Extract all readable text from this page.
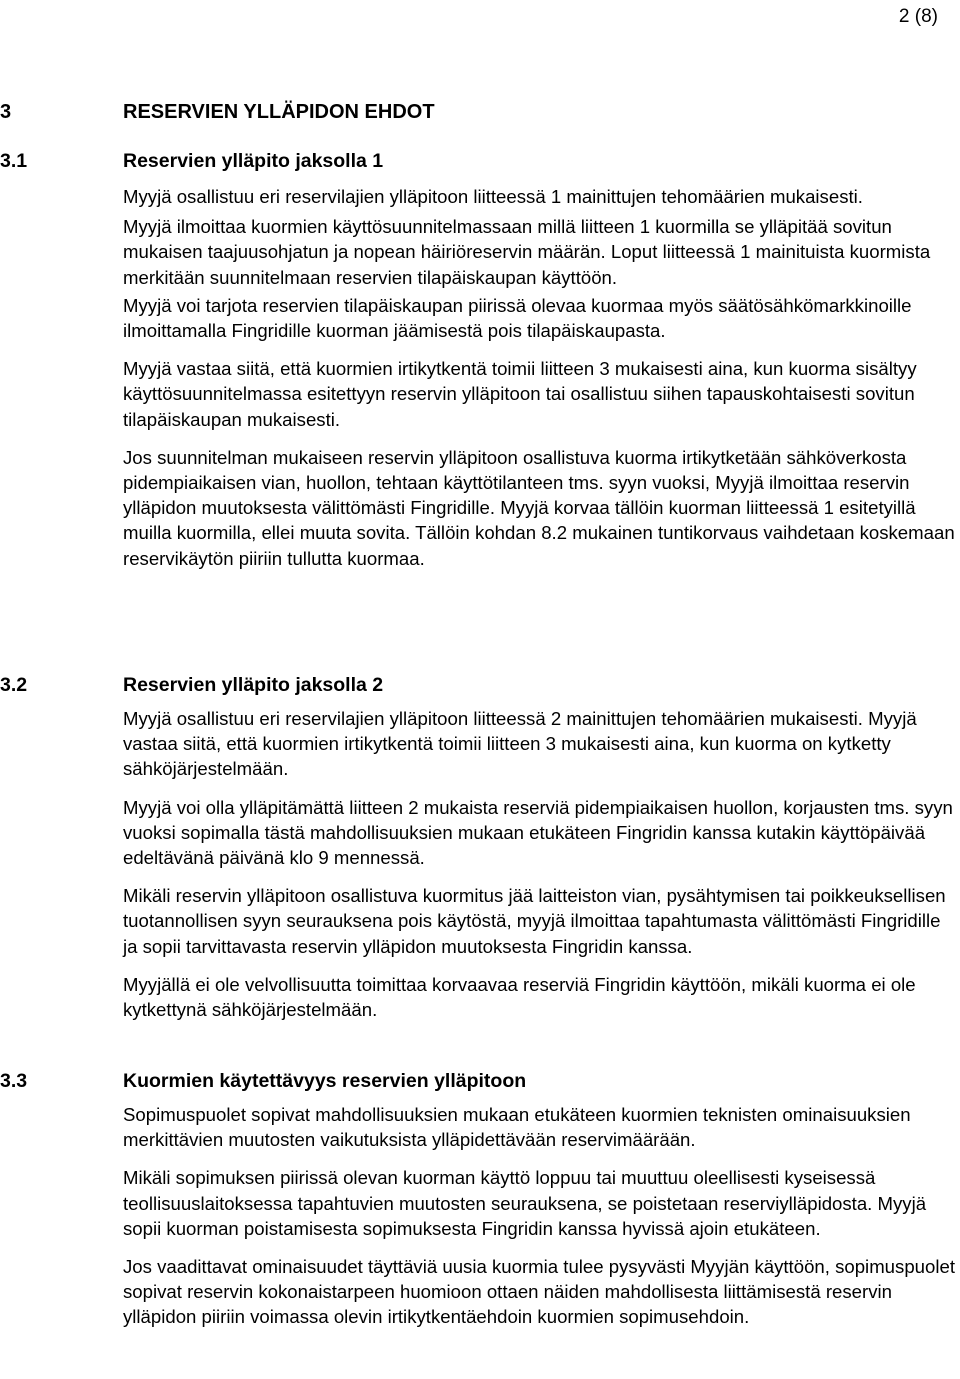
2 (8)
3	RESERVIEN YLLÄPIDON EHDOT
3.1	Reservien ylläpito jaksolla 1

Myyjä osallistuu eri reservilajien ylläpitoon liitteessä 1 mainittujen tehomäärien mukaisesti.

Myyjä ilmoittaa kuormien käyttösuunnitelmassaan millä liitteen 1 kuormilla se ylläpitää sovitun mukaisen taajuusohjatun ja nopean häiriöreservin määrän. Loput liitteessä 1 mainituista kuormista merkitään suunnitelmaan reservien tilapäiskaupan käyttöön.

Myyjä voi tarjota reservien tilapäiskaupan piirissä olevaa kuormaa myös säätösähkömarkkinoille ilmoittamalla Fingridille kuorman jäämisestä pois tilapäiskaupasta.

Myyjä vastaa siitä, että kuormien irtikytkentä toimii liitteen 3 mukaisesti aina, kun kuorma sisältyy käyttösuunnitelmassa esitettyyn reservin ylläpitoon tai osallistuu siihen tapauskohtaisesti sovitun tilapäiskaupan mukaisesti.

Jos suunnitelman mukaiseen reservin ylläpitoon osallistuva kuorma irtikytketään sähköverkosta pidempiaikaisen vian, huollon, tehtaan käyttötilanteen tms. syyn vuoksi, Myyjä ilmoittaa reservin ylläpidon muutoksesta välittömästi Fingridille. Myyjä korvaa tällöin kuorman liitteessä 1 esitetyillä muilla kuormilla, ellei muuta sovita. Tällöin kohdan 8.2 mukainen tuntikorvaus vaihdetaan koskemaan reservikäytön piiriin tullutta kuormaa.

3.2	Reservien ylläpito jaksolla 2

Myyjä osallistuu eri reservilajien ylläpitoon liitteessä 2 mainittujen tehomäärien mukaisesti. Myyjä vastaa siitä, että kuormien irtikytkentä toimii liitteen 3 mukaisesti aina, kun kuorma on kytketty sähköjärjestelmään.

Myyjä voi olla ylläpitämättä liitteen 2 mukaista reserviä pidempiaikaisen huollon, korjausten tms. syyn vuoksi sopimalla tästä mahdollisuuksien mukaan etukäteen Fingridin kanssa kutakin käyttöpäivää edeltävänä päivänä klo 9 mennessä.

Mikäli reservin ylläpitoon osallistuva kuormitus jää laitteiston vian, pysähtymisen tai poikkeuksellisen tuotannollisen syyn seurauksena pois käytöstä, myyjä ilmoittaa tapahtumasta välittömästi Fingridille ja sopii tarvittavasta reservin ylläpidon muutoksesta Fingridin kanssa.

Myyjällä ei ole velvollisuutta toimittaa korvaavaa reserviä Fingridin käyttöön, mikäli kuorma ei ole kytkettynä sähköjärjestelmään.

3.3	Kuormien käytettävyys reservien ylläpitoon

Sopimuspuolet sopivat mahdollisuuksien mukaan etukäteen kuormien teknisten ominaisuuksien merkittävien muutosten vaikutuksista ylläpidettävään reservimäärään.

Mikäli sopimuksen piirissä olevan kuorman käyttö loppuu tai muuttuu oleellisesti kyseisessä teollisuuslaitoksessa tapahtuvien muutosten seurauksena, se poistetaan reserviylläpidosta. Myyjä sopii kuorman poistamisesta sopimuksesta Fingridin kanssa hyvissä ajoin etukäteen.

Jos vaadittavat ominaisuudet täyttäviä uusia kuormia tulee pysyvästi Myyjän käyttöön, sopimuspuolet sopivat reservin kokonaistarpeen huomioon ottaen näiden mahdollisesta liittämisestä reservin ylläpidon piiriin voimassa olevin irtikytkentäehdoin kuormien sopimusehdoin.
